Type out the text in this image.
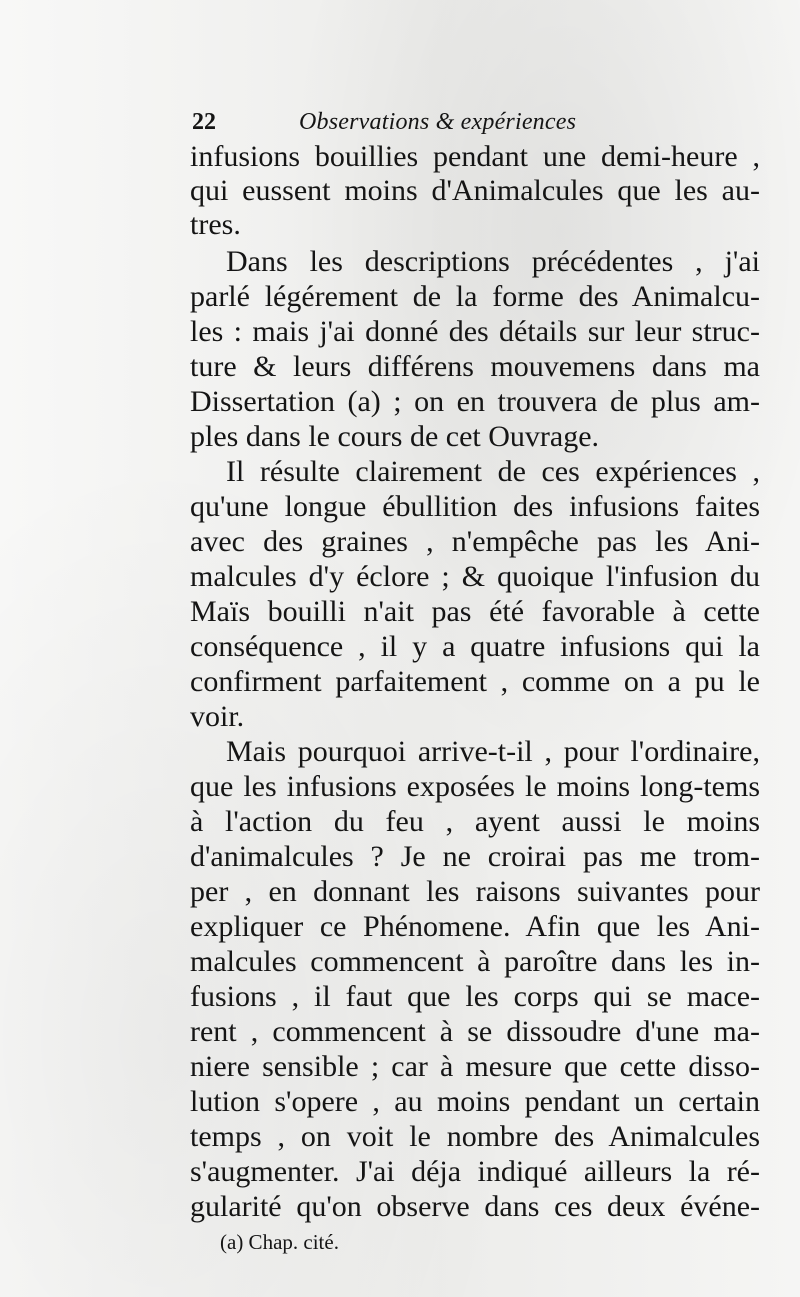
22	Observations & expériences
infusions bouillies pendant une demi-heure ,
qui eussent moins d'Animalcules que les au-
tres.
Dans les descriptions précédentes , j'ai
parlé légérement de la forme des Animalcu-
les : mais j'ai donné des détails sur leur struc-
ture & leurs différens mouvemens dans ma
Dissertation (a) ; on en trouvera de plus am-
ples dans le cours de cet Ouvrage.
Il résulte clairement de ces expériences ,
qu'une longue ébullition des infusions faites
avec des graines , n'empêche pas les Ani-
malcules d'y éclore ; & quoique l'infusion du
Maïs bouilli n'ait pas été favorable à cette
conséquence , il y a quatre infusions qui la
confirment parfaitement , comme on a pu le
voir.
Mais pourquoi arrive-t-il , pour l'ordinaire,
que les infusions exposées le moins long-tems
à l'action du feu , ayent aussi le moins
d'animalcules ? Je ne croirai pas me trom-
per , en donnant les raisons suivantes pour
expliquer ce Phénomene. Afin que les Ani-
malcules commencent à paroître dans les in-
fusions , il faut que les corps qui se mace-
rent , commencent à se dissoudre d'une ma-
niere sensible ; car à mesure que cette disso-
lution s'opere , au moins pendant un certain
temps , on voit le nombre des Animalcules
s'augmenter. J'ai déja indiqué ailleurs la ré-
gularité qu'on observe dans ces deux événe-
(a) Chap. cité.
